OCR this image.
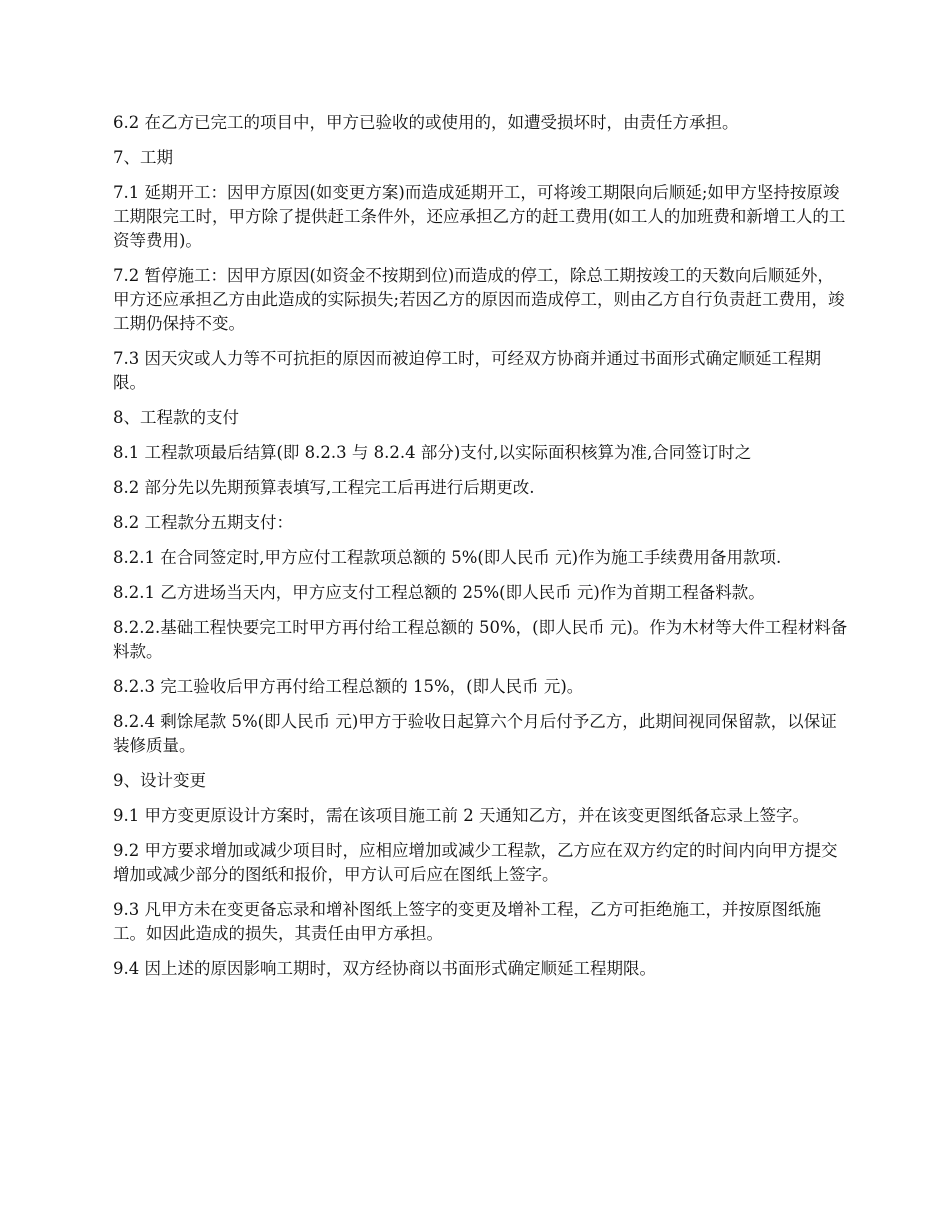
6.2 在乙方已完工的项目中，甲方已验收的或使用的，如遭受损坏时，由责任方承担。

7、工期

7.1 延期开工：因甲方原因(如变更方案)而造成延期开工，可将竣工期限向后顺延;如甲方坚持按原竣工期限完工时，甲方除了提供赶工条件外，还应承担乙方的赶工费用(如工人的加班费和新增工人的工资等费用)。

7.2 暂停施工：因甲方原因(如资金不按期到位)而造成的停工，除总工期按竣工的天数向后顺延外，甲方还应承担乙方由此造成的实际损失;若因乙方的原因而造成停工，则由乙方自行负责赶工费用，竣工期仍保持不变。

7.3 因天灾或人力等不可抗拒的原因而被迫停工时，可经双方协商并通过书面形式确定顺延工程期限。

8、工程款的支付

8.1 工程款项最后结算(即 8.2.3 与 8.2.4 部分)支付,以实际面积核算为准,合同签订时之

8.2 部分先以先期预算表填写,工程完工后再进行后期更改.

8.2 工程款分五期支付：

8.2.1 在合同签定时,甲方应付工程款项总额的 5%(即人民币 元)作为施工手续费用备用款项.

8.2.1 乙方进场当天内，甲方应支付工程总额的 25%(即人民币 元)作为首期工程备料款。

8.2.2.基础工程快要完工时甲方再付给工程总额的 50%，(即人民币 元)。作为木材等大件工程材料备料款。

8.2.3 完工验收后甲方再付给工程总额的 15%，(即人民币 元)。

8.2.4 剩馀尾款 5%(即人民币 元)甲方于验收日起算六个月后付予乙方，此期间视同保留款，以保证装修质量。

9、设计变更

9.1 甲方变更原设计方案时，需在该项目施工前 2 天通知乙方，并在该变更图纸备忘录上签字。

9.2 甲方要求增加或减少项目时，应相应增加或减少工程款，乙方应在双方约定的时间内向甲方提交增加或减少部分的图纸和报价，甲方认可后应在图纸上签字。

9.3 凡甲方未在变更备忘录和增补图纸上签字的变更及增补工程，乙方可拒绝施工，并按原图纸施工。如因此造成的损失，其责任由甲方承担。

9.4 因上述的原因影响工期时，双方经协商以书面形式确定顺延工程期限。
